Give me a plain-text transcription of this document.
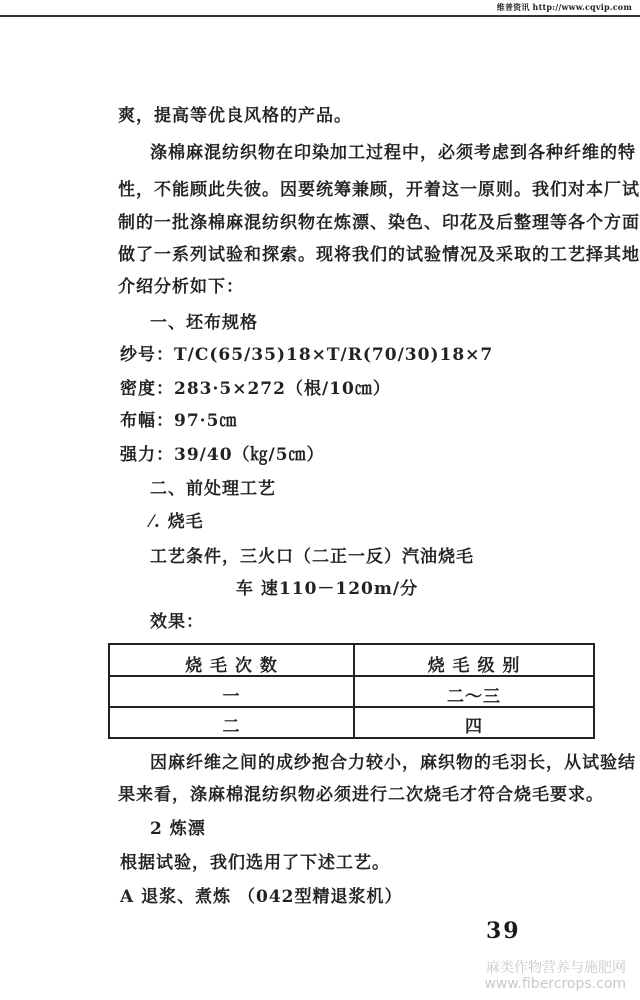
维普资讯 http://www.cqvip.com
爽，提高等优良风格的产品。
涤棉麻混纺织物在印染加工过程中，必须考虑到各种纤维的特
性，不能顾此失彼。因要统筹兼顾，开着这一原则。我们对本厂试
制的一批涤棉麻混纺织物在炼漂、染色、印花及后整理等各个方面
做了一系列试验和探索。现将我们的试验情况及采取的工艺择其地
介绍分析如下：
一、坯布规格
纱号：T/C(65/35)18×T/R(70/30)18×7
密度：283·5×272（根/10㎝）
布幅：97·5㎝
强力：39/40（㎏/5㎝）
二、前处理工艺
⁄. 烧毛
工艺条件，三火口（二正一反）汽油烧毛
车 速110－120m/分
效果：
烧 毛 次 数	烧 毛 级 别
一	二～三
二	四
因麻纤维之间的成纱抱合力较小，麻织物的毛羽长，从试验结
果来看，涤麻棉混纺织物必须进行二次烧毛才符合烧毛要求。
2 炼漂
根据试验，我们选用了下述工艺。
A 退浆、煮炼 （042型精退浆机）
39
麻类作物营养与施肥网
www.fibercrops.com
